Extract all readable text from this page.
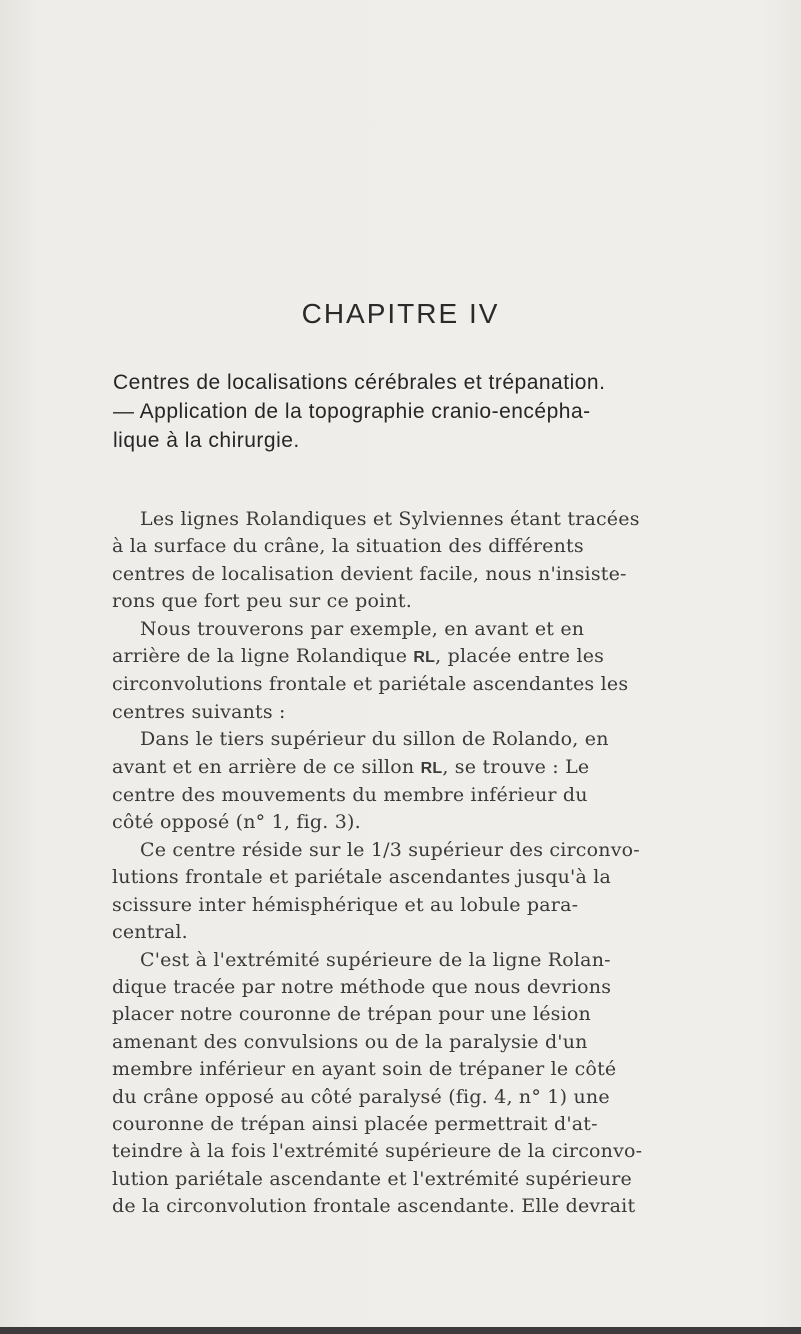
CHAPITRE IV
Centres de localisations cérébrales et trépanation.
— Application de la topographie cranio-encépha-
lique à la chirurgie.
Les lignes Rolandiques et Sylviennes étant tracées
à la surface du crâne, la situation des différents
centres de localisation devient facile, nous n'insiste-
rons que fort peu sur ce point.
Nous trouverons par exemple, en avant et en
arrière de la ligne Rolandique RL, placée entre les
circonvolutions frontale et pariétale ascendantes les
centres suivants :
Dans le tiers supérieur du sillon de Rolando, en
avant et en arrière de ce sillon RL, se trouve : Le
centre des mouvements du membre inférieur du
côté opposé (n° 1, fig. 3).
Ce centre réside sur le 1/3 supérieur des circonvo-
lutions frontale et pariétale ascendantes jusqu'à la
scissure inter hémisphérique et au lobule para-
central.
C'est à l'extrémité supérieure de la ligne Rolan-
dique tracée par notre méthode que nous devrions
placer notre couronne de trépan pour une lésion
amenant des convulsions ou de la paralysie d'un
membre inférieur en ayant soin de trépaner le côté
du crâne opposé au côté paralysé (fig. 4, n° 1) une
couronne de trépan ainsi placée permettrait d'at-
teindre à la fois l'extrémité supérieure de la circonvo-
lution pariétale ascendante et l'extrémité supérieure
de la circonvolution frontale ascendante. Elle devrait
